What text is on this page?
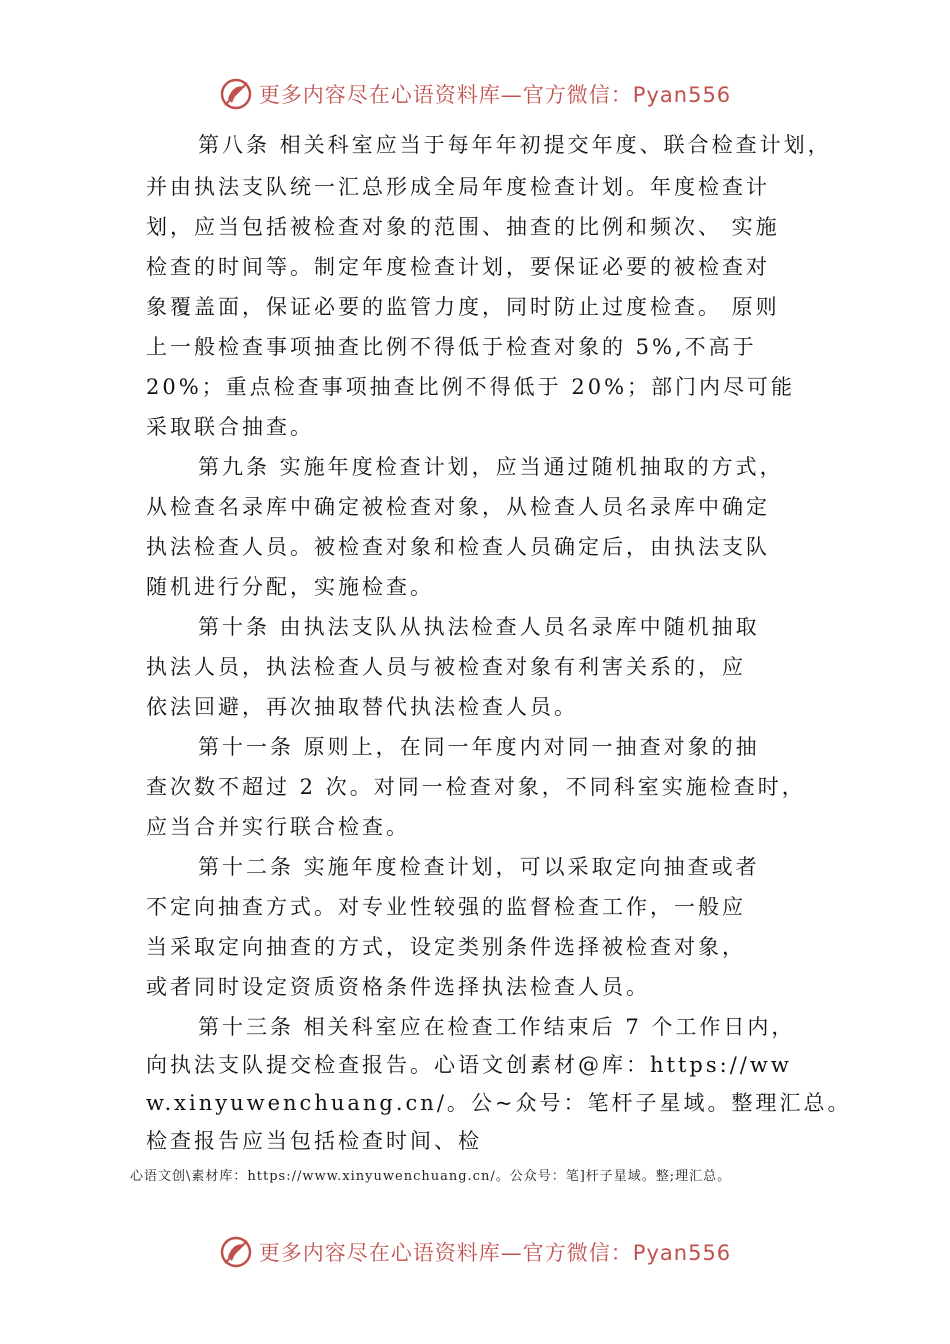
更多内容尽在心语资料库—官方微信：Pyan556
第八条 相关科室应当于每年年初提交年度、联合检查计划，
并由执法支队统一汇总形成全局年度检查计划。年度检查计
划，应当包括被检查对象的范围、抽查的比例和频次、 实施
检查的时间等。制定年度检查计划，要保证必要的被检查对
象覆盖面，保证必要的监管力度，同时防止过度检查。 原则
上一般检查事项抽查比例不得低于检查对象的 5%,不高于
20%；重点检查事项抽查比例不得低于 20%；部门内尽可能
采取联合抽查。
第九条 实施年度检查计划，应当通过随机抽取的方式，
从检查名录库中确定被检查对象，从检查人员名录库中确定
执法检查人员。被检查对象和检查人员确定后，由执法支队
随机进行分配，实施检查。
第十条 由执法支队从执法检查人员名录库中随机抽取
执法人员，执法检查人员与被检查对象有利害关系的，应
依法回避，再次抽取替代执法检查人员。
第十一条 原则上，在同一年度内对同一抽查对象的抽
查次数不超过 2 次。对同一检查对象，不同科室实施检查时，
应当合并实行联合检查。
第十二条 实施年度检查计划，可以采取定向抽查或者
不定向抽查方式。对专业性较强的监督检查工作，一般应
当采取定向抽查的方式，设定类别条件选择被检查对象，
或者同时设定资质资格条件选择执法检查人员。
第十三条 相关科室应在检查工作结束后 7 个工作日内，
向执法支队提交检查报告。心语文创素材@库：https://ww
w.xinyuwenchuang.cn/。公~众号：笔杆子星域。整理汇总。
检查报告应当包括检查时间、检
心语文创\素材库：https://www.xinyuwenchuang.cn/。公众号：笔]杆子星域。整;理汇总。
更多内容尽在心语资料库—官方微信：Pyan556
